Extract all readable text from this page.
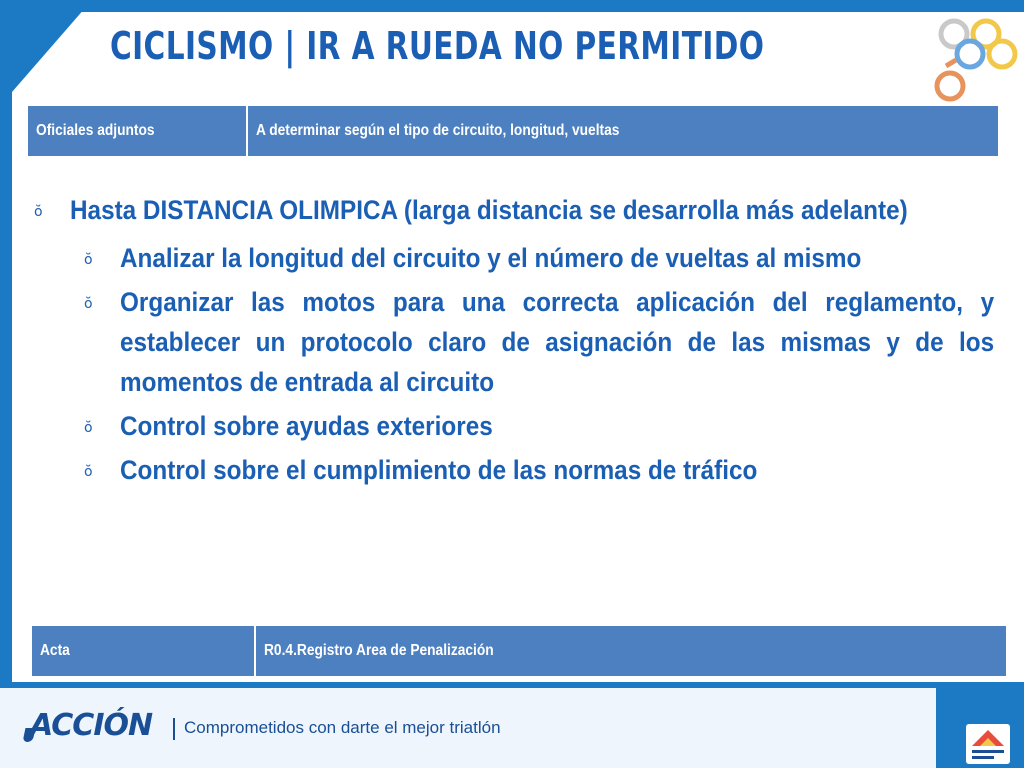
CICLISMO | IR A RUEDA NO PERMITIDO
Oficiales adjuntos	A determinar según el tipo de circuito, longitud, vueltas
ŏ Hasta DISTANCIA OLIMPICA (larga distancia se desarrolla más adelante)
ŏ Analizar la longitud del circuito y el número de vueltas al mismo
ŏ Organizar las motos para una correcta aplicación del reglamento, y establecer un protocolo claro de asignación de las mismas y de los momentos de entrada al circuito
ŏ Control sobre ayudas exteriores
ŏ Control sobre el cumplimiento de las normas de tráfico
Acta	R0.4.Registro Area de Penalización
ACCIÓN Comprometidos con darte el mejor triatlón
